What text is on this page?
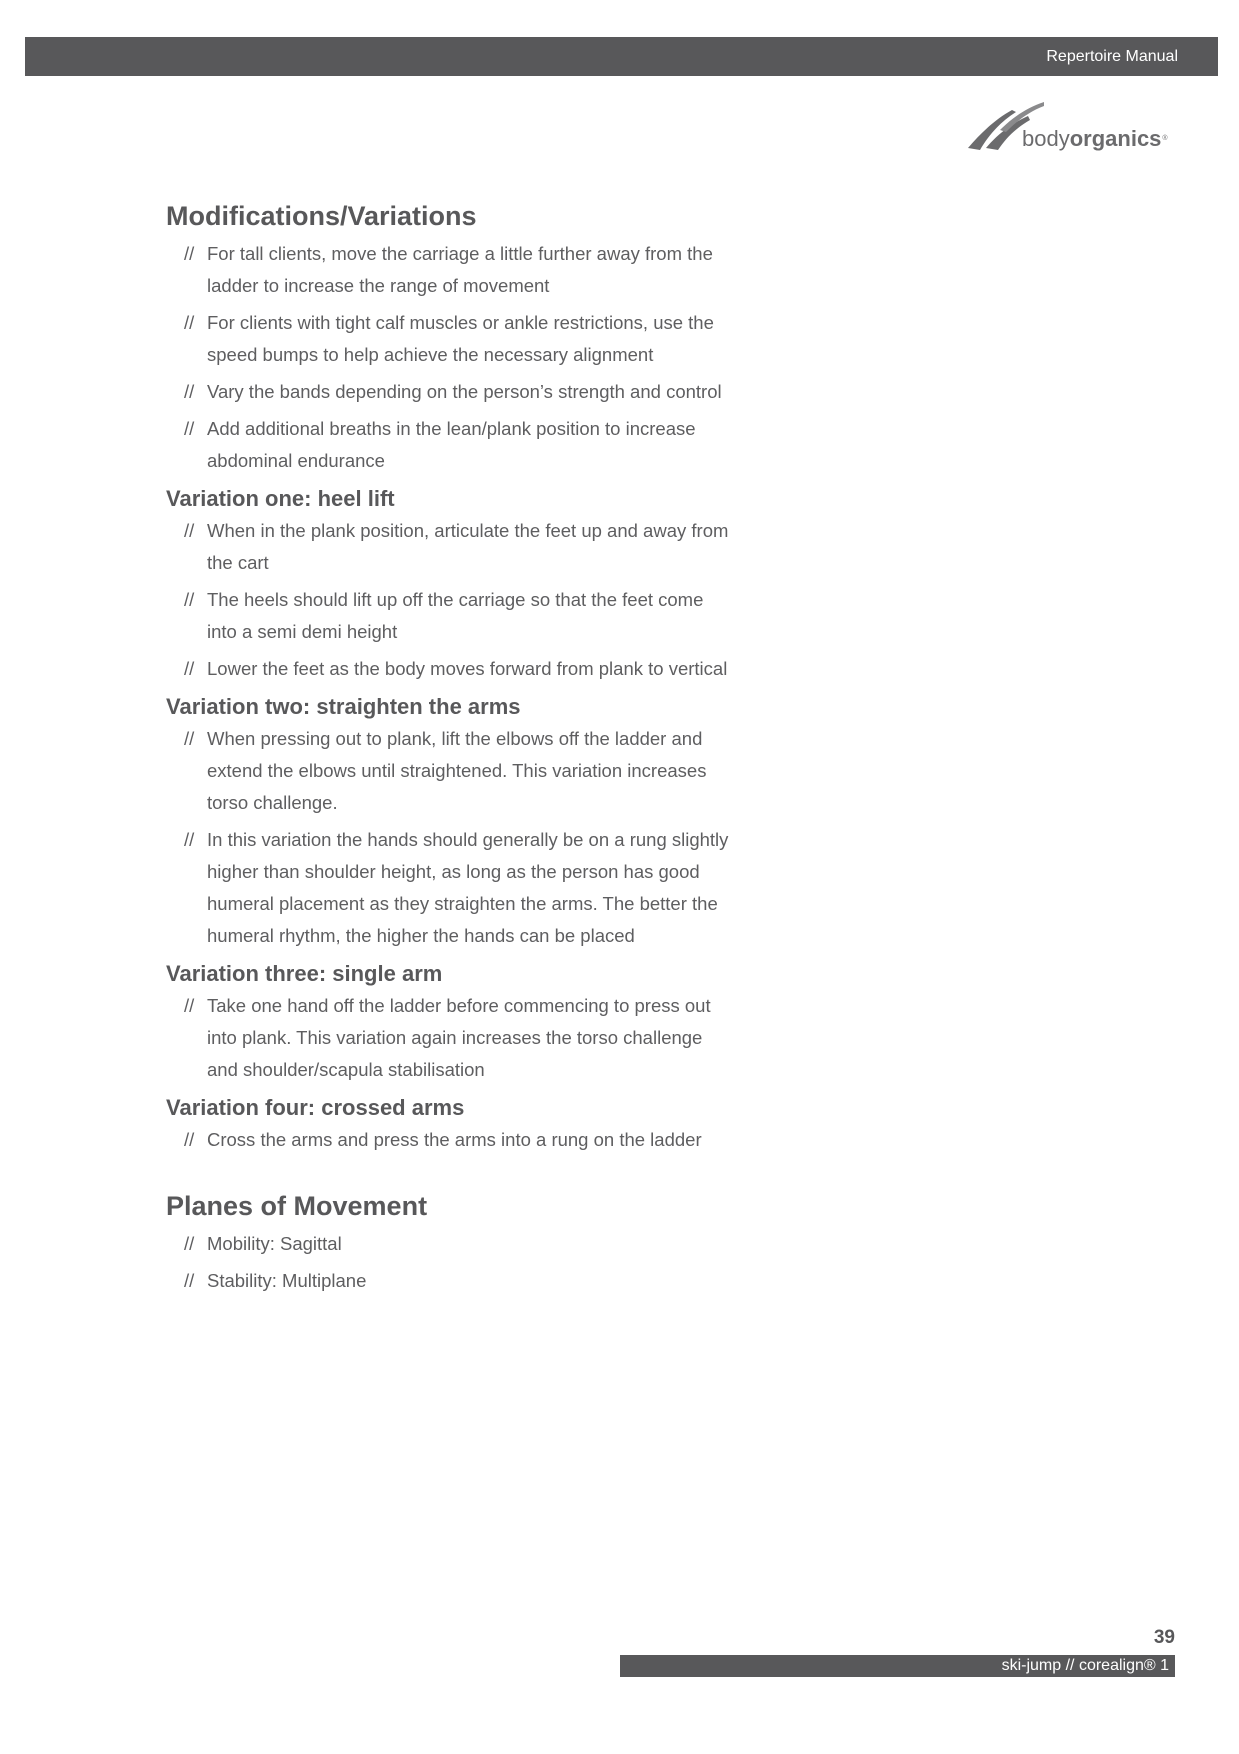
Repertoire Manual
bodyorganics®
Modifications/Variations
// For tall clients, move the carriage a little further away from the ladder to increase the range of movement
// For clients with tight calf muscles or ankle restrictions, use the speed bumps to help achieve the necessary alignment
// Vary the bands depending on the person’s strength and control
// Add additional breaths in the lean/plank position to increase abdominal endurance
Variation one: heel lift
// When in the plank position, articulate the feet up and away from the cart
// The heels should lift up off the carriage so that the feet come into a semi demi height
// Lower the feet as the body moves forward from plank to vertical
Variation two: straighten the arms
// When pressing out to plank, lift the elbows off the ladder and extend the elbows until straightened. This variation increases torso challenge.
// In this variation the hands should generally be on a rung slightly higher than shoulder height, as long as the person has good humeral placement as they straighten the arms. The better the humeral rhythm, the higher the hands can be placed
Variation three: single arm
// Take one hand off the ladder before commencing to press out into plank. This variation again increases the torso challenge and shoulder/scapula stabilisation
Variation four: crossed arms
// Cross the arms and press the arms into a rung on the ladder
Planes of Movement
// Mobility: Sagittal
// Stability: Multiplane
39
ski-jump // corealign® 1
